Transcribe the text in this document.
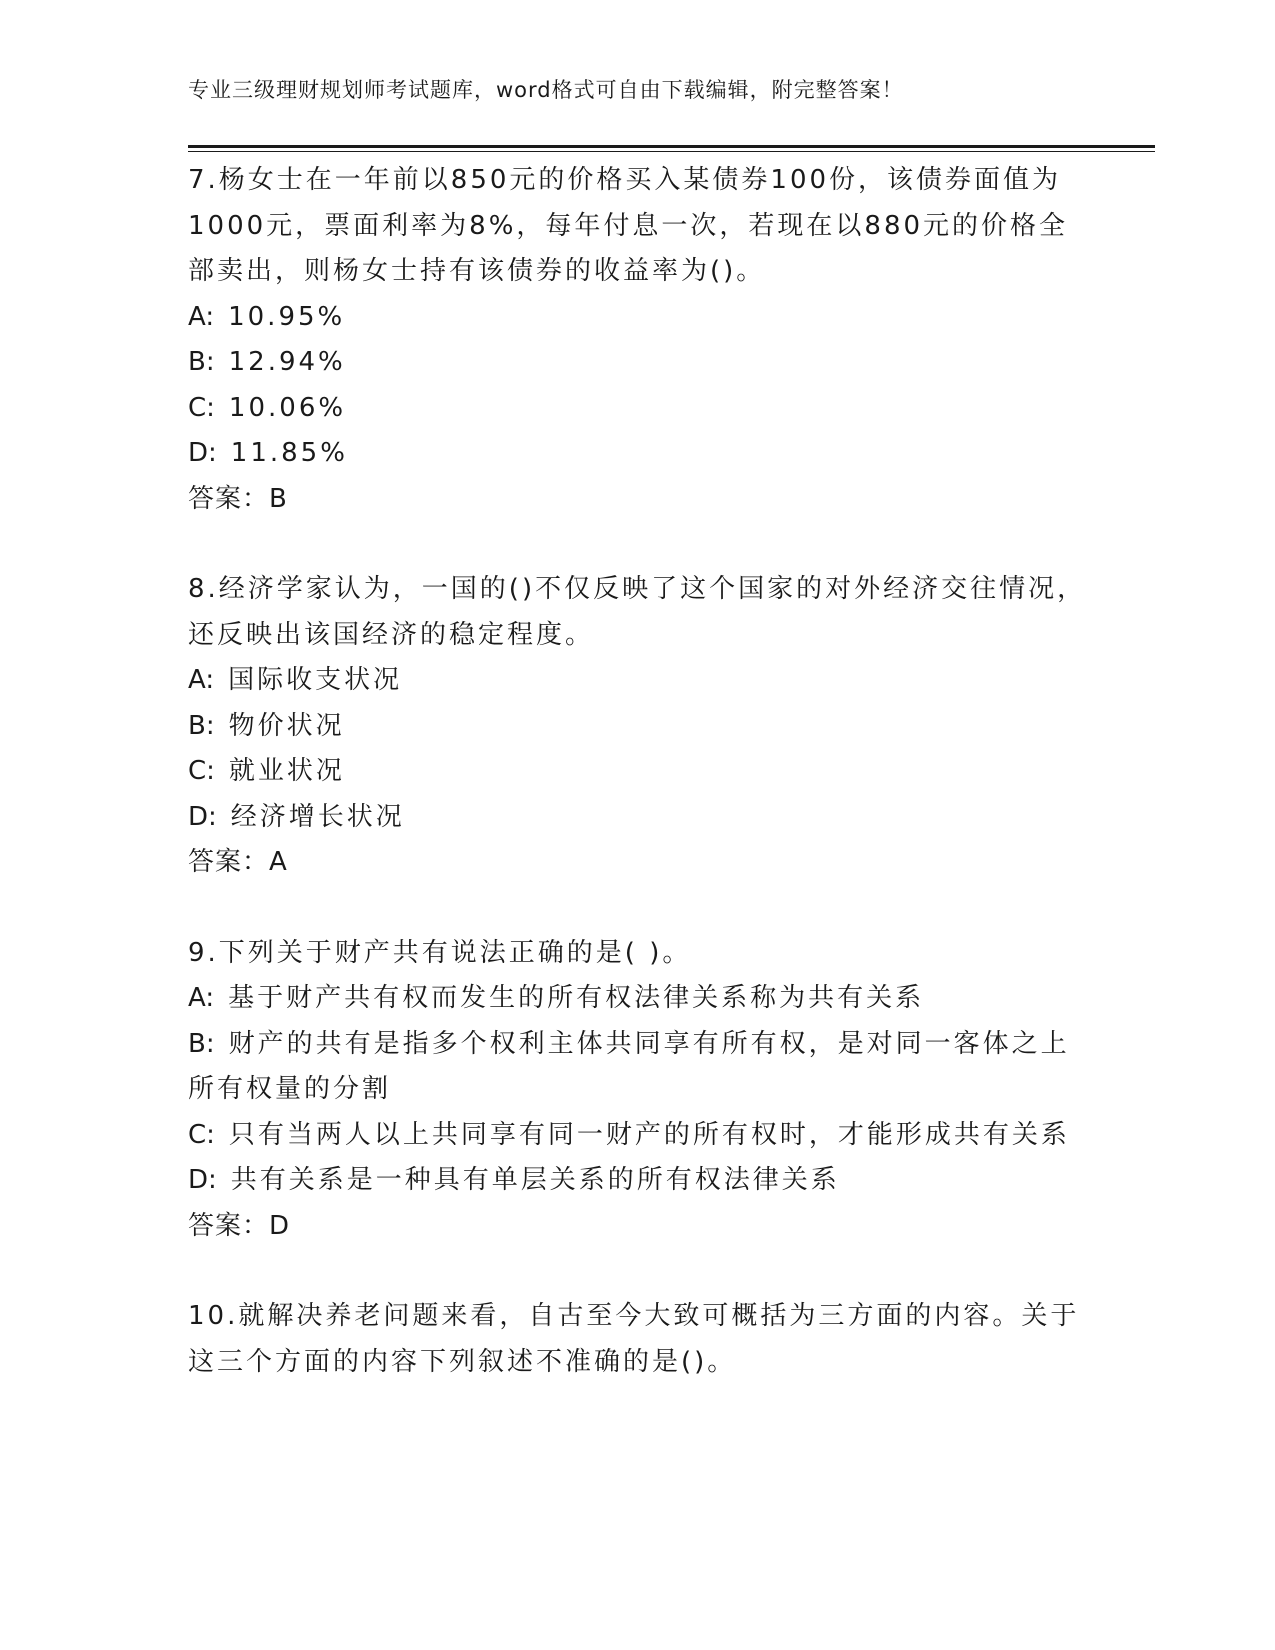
专业三级理财规划师考试题库，word格式可自由下载编辑，附完整答案！

7.杨女士在一年前以850元的价格买入某债券100份，该债券面值为1000元，票面利率为8%，每年付息一次，若现在以880元的价格全部卖出，则杨女士持有该债券的收益率为()。

A: 10.95%

B: 12.94%

C: 10.06%

D: 11.85%

答案：B

8.经济学家认为，一国的()不仅反映了这个国家的对外经济交往情况，还反映出该国经济的稳定程度。

A: 国际收支状况

B: 物价状况

C: 就业状况

D: 经济增长状况

答案：A

9.下列关于财产共有说法正确的是( )。

A: 基于财产共有权而发生的所有权法律关系称为共有关系

B: 财产的共有是指多个权利主体共同享有所有权，是对同一客体之上所有权量的分割

C: 只有当两人以上共同享有同一财产的所有权时，才能形成共有关系

D: 共有关系是一种具有单层关系的所有权法律关系

答案：D

10.就解决养老问题来看，自古至今大致可概括为三方面的内容。关于这三个方面的内容下列叙述不准确的是()。
